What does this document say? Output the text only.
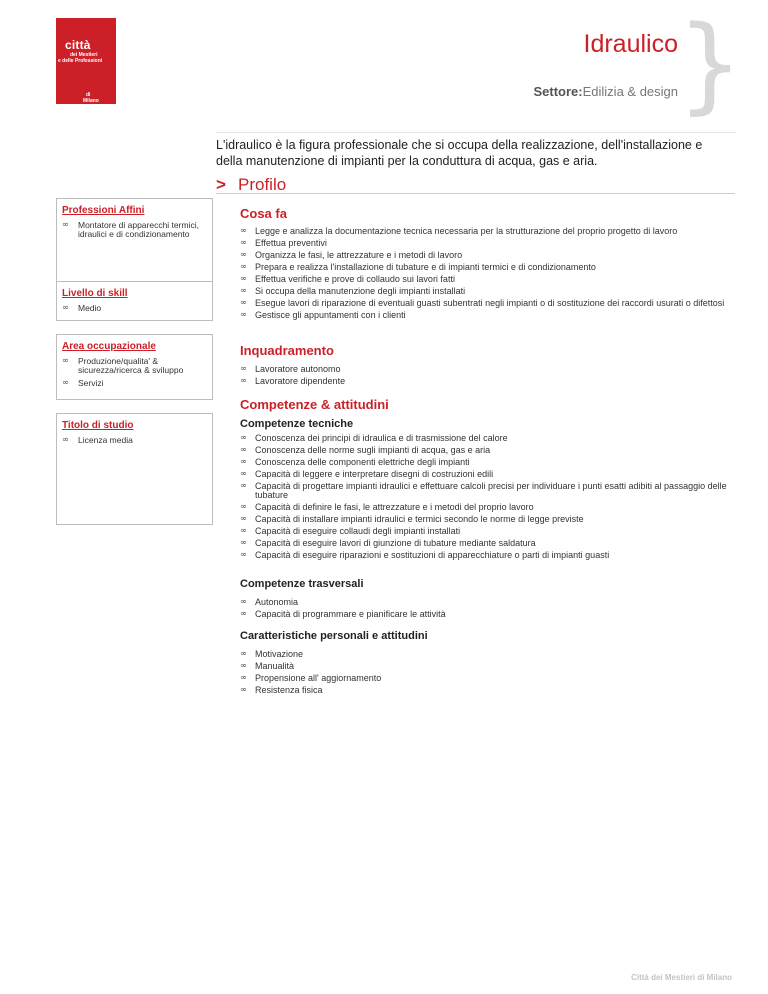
città
dei Mestieri
e delle Professioni
di
Milano
Idraulico }
Settore:Edilizia & design
L'idraulico è la figura professionale che si occupa della realizzazione, dell'installazione e della manutenzione di impianti per la conduttura di acqua, gas e aria.
> Profilo
Professioni Affini
∞ Montatore di apparecchi termici, idraulici e di condizionamento
Livello di skill
∞ Medio
Area occupazionale
∞ Produzione/qualita' & sicurezza/ricerca & sviluppo
∞ Servizi
Titolo di studio
∞ Licenza media
Cosa fa
∞ Legge e analizza la documentazione tecnica necessaria per la strutturazione del proprio progetto di lavoro
∞ Effettua preventivi
∞ Organizza le fasi, le attrezzature e i metodi di lavoro
∞ Prepara e realizza l'installazione di tubature e di impianti termici e di condizionamento
∞ Effettua verifiche e prove di collaudo sui lavori fatti
∞ Si occupa della manutenzione degli impianti installati
∞ Esegue lavori di riparazione di eventuali guasti subentrati negli impianti o di sostituzione dei raccordi usurati o difettosi
∞ Gestisce gli appuntamenti con i clienti
Inquadramento
∞ Lavoratore autonomo
∞ Lavoratore dipendente
Competenze & attitudini
Competenze tecniche
∞ Conoscenza dei principi di idraulica e di trasmissione del calore
∞ Conoscenza delle norme sugli impianti di acqua, gas e aria
∞ Conoscenza delle componenti elettriche degli impianti
∞ Capacità di leggere e interpretare disegni di costruzioni edili
∞ Capacità di progettare impianti idraulici e effettuare calcoli precisi per individuare i punti esatti adibiti al passaggio delle tubature
∞ Capacità di definire le fasi, le attrezzature e i metodi del proprio lavoro
∞ Capacità di installare impianti idraulici e termici secondo le norme di legge previste
∞ Capacità di eseguire collaudi degli impianti installati
∞ Capacità di eseguire lavori di giunzione di tubature mediante saldatura
∞ Capacità di eseguire riparazioni e sostituzioni di apparecchiature o parti di impianti guasti
Competenze trasversali
∞ Autonomia
∞ Capacità di programmare e pianificare le attività
Caratteristiche personali e attitudini
∞ Motivazione
∞ Manualità
∞ Propensione all' aggiornamento
∞ Resistenza fisica
Città dei Mestieri di Milano
